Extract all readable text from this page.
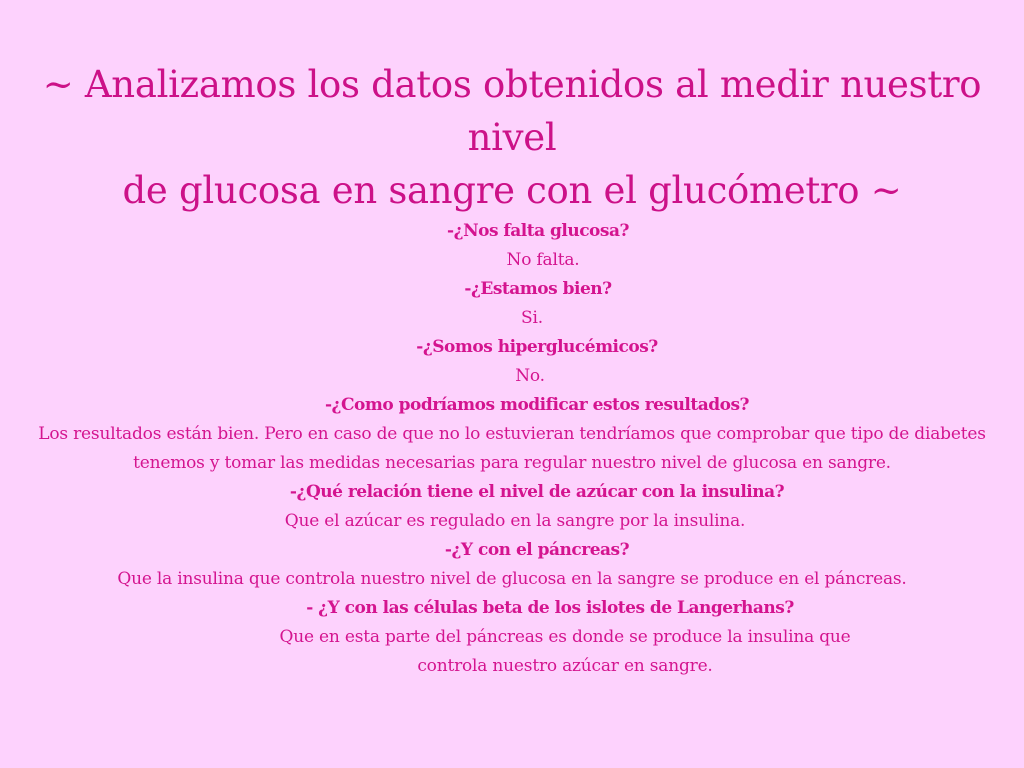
~ Analizamos los datos obtenidos al medir nuestro nivel
de glucosa en sangre con el glucómetro ~
-¿Nos falta glucosa?
No falta.
-¿Estamos bien?
Si.
-¿Somos hiperglucémicos?
No.
-¿Como podríamos modificar estos resultados?
Los resultados están bien. Pero en caso de que no lo estuvieran tendríamos que comprobar que tipo de diabetes
tenemos y tomar las medidas necesarias para regular nuestro nivel de glucosa en sangre.
-¿Qué relación tiene el nivel de azúcar con la insulina?
Que el azúcar es regulado en la sangre por la insulina.
-¿Y con el páncreas?
Que la insulina que controla nuestro nivel de glucosa en la sangre se produce en el páncreas.
- ¿Y con las células beta de los islotes de Langerhans?
Que en esta parte del páncreas es donde se produce la insulina que
controla nuestro azúcar en sangre.
